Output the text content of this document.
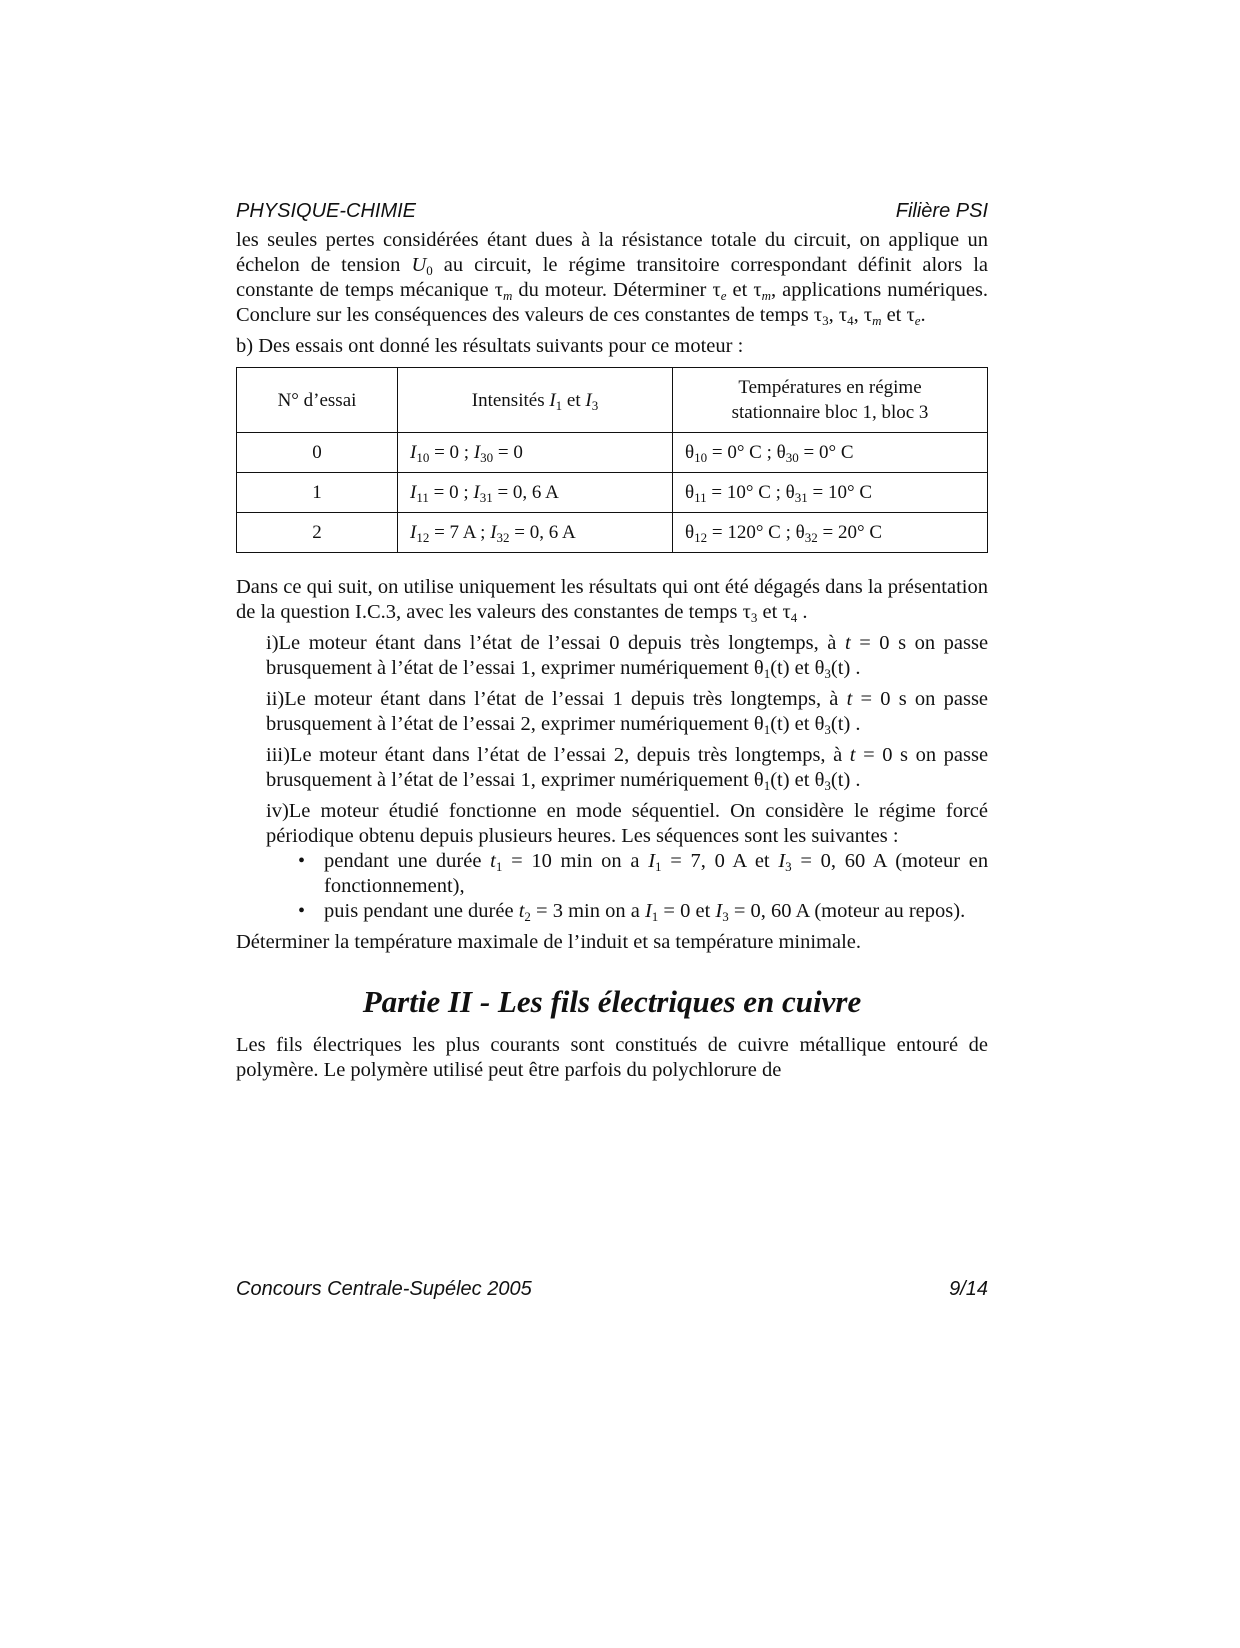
PHYSIQUE-CHIMIE	Filière PSI

les seules pertes considérées étant dues à la résistance totale du circuit, on applique un échelon de tension $U_0$ au circuit, le régime transitoire correspondant définit alors la constante de temps mécanique $\tau_m$ du moteur. Déterminer $\tau_e$ et $\tau_m$, applications numériques. Conclure sur les conséquences des valeurs de ces constantes de temps $\tau_3$, $\tau_4$, $\tau_m$ et $\tau_e$.

b) Des essais ont donné les résultats suivants pour ce moteur :

N° d’essai	Intensités $I_1$ et $I_3$	Températures en régime
stationnaire bloc 1, bloc 3

0	$I_{10} = 0$ ; $I_{30} = 0$	$\theta_{10} = 0^\circ$ C ; $\theta_{30} = 0^\circ$ C
1	$I_{11} = 0$ ; $I_{31} = 0$, 6 A	$\theta_{11} = 10^\circ$ C ; $\theta_{31} = 10^\circ$ C
2	$I_{12} = 7$ A ; $I_{32} = 0$, 6 A	$\theta_{12} = 120^\circ$ C ; $\theta_{32} = 20^\circ$ C

Dans ce qui suit, on utilise uniquement les résultats qui ont été dégagés dans la présentation de la question I.C.3, avec les valeurs des constantes de temps $\tau_3$ et $\tau_4$ .

i)Le moteur étant dans l’état de l’essai 0 depuis très longtemps, à t = 0 s on passe brusquement à l’état de l’essai 1, exprimer numériquement $\theta_1(t)$ et $\theta_3(t)$ .

ii)Le moteur étant dans l’état de l’essai 1 depuis très longtemps, à t = 0 s on passe brusquement à l’état de l’essai 2, exprimer numériquement $\theta_1(t)$ et $\theta_3(t)$ .

iii)Le moteur étant dans l’état de l’essai 2, depuis très longtemps, à t = 0 s on passe brusquement à l’état de l’essai 1, exprimer numériquement $\theta_1(t)$ et $\theta_3(t)$ .

iv)Le moteur étudié fonctionne en mode séquentiel. On considère le régime forcé périodique obtenu depuis plusieurs heures. Les séquences sont les suivantes :

• pendant une durée $t_1 = 10$ min on a $I_1 = 7$, 0 A et $I_3 = 0$, 60 A (moteur en fonctionnement),
• puis pendant une durée $t_2 = 3$ min on a $I_1 = 0$ et $I_3 = 0$, 60 A (moteur au repos).

Déterminer la température maximale de l’induit et sa température minimale.

Partie II - Les fils électriques en cuivre

Les fils électriques les plus courants sont constitués de cuivre métallique entouré de polymère. Le polymère utilisé peut être parfois du polychlorure de

Concours Centrale-Supélec 2005	9/14
